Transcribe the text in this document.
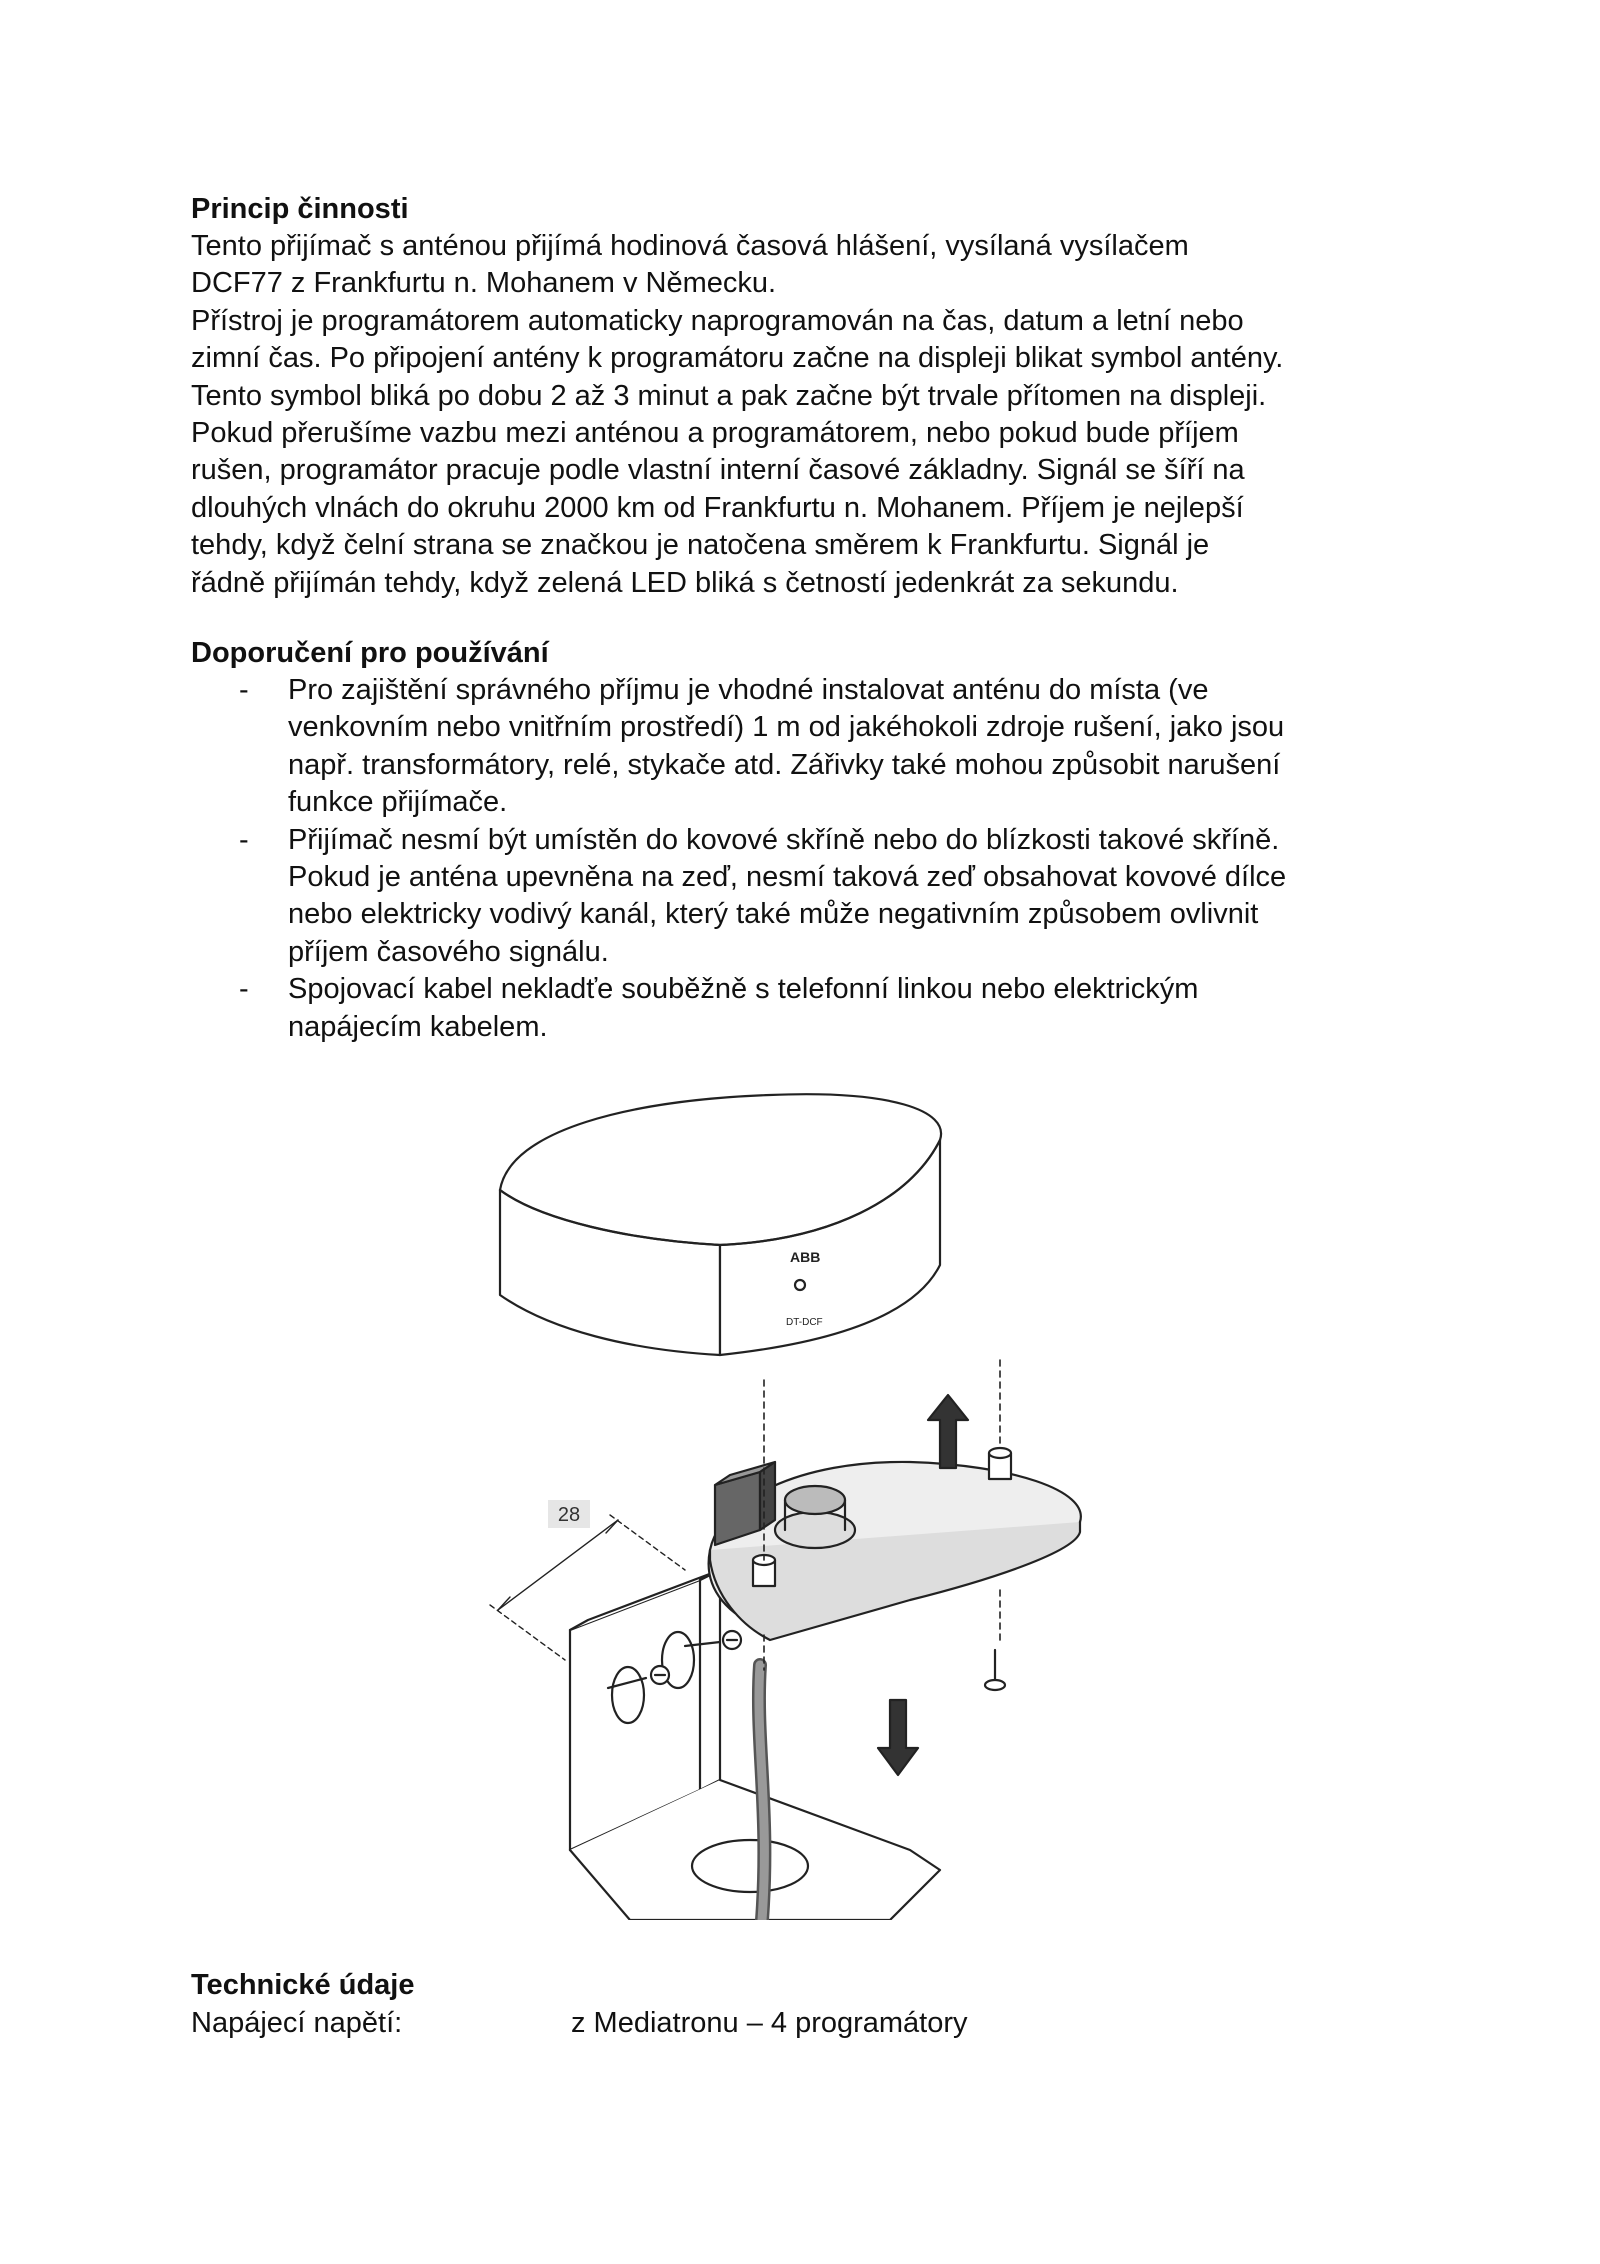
Princip činnosti

Tento přijímač s anténou přijímá hodinová časová hlášení, vysílaná vysílačem
DCF77 z Frankfurtu n. Mohanem v Německu.
Přístroj je programátorem automaticky naprogramován na čas, datum a letní nebo
zimní čas. Po připojení antény k programátoru začne na displeji blikat symbol antény.
Tento symbol bliká po dobu 2 až 3 minut a pak začne být trvale přítomen na displeji.
Pokud přerušíme vazbu mezi anténou a programátorem, nebo pokud bude příjem
rušen, programátor pracuje podle vlastní interní časové základny. Signál se šíří na
dlouhých vlnách do okruhu 2000 km od Frankfurtu n. Mohanem. Příjem je nejlepší
tehdy, když čelní strana se značkou je natočena směrem k Frankfurtu. Signál je
řádně přijímán tehdy, když zelená LED bliká s četností jedenkrát za sekundu.

Doporučení pro používání
- Pro zajištění správného příjmu je vhodné instalovat anténu do místa (ve
venkovním nebo vnitřním prostředí) 1 m od jakéhokoli zdroje rušení, jako jsou
např. transformátory, relé, stykače atd. Zářivky také mohou způsobit narušení
funkce přijímače.
- Přijímač nesmí být umístěn do kovové skříně nebo do blízkosti takové skříně.
Pokud je anténa upevněna na zeď, nesmí taková zeď obsahovat kovové dílce
nebo elektricky vodivý kanál, který také může negativním způsobem ovlivnit
příjem časového signálu.
- Spojovací kabel nekladťe souběžně s telefonní linkou nebo elektrickým
napájecím kabelem.
ABB
DT-DCF
28
Technické údaje
Napájecí napětí:	z Mediatronu – 4 programátory
